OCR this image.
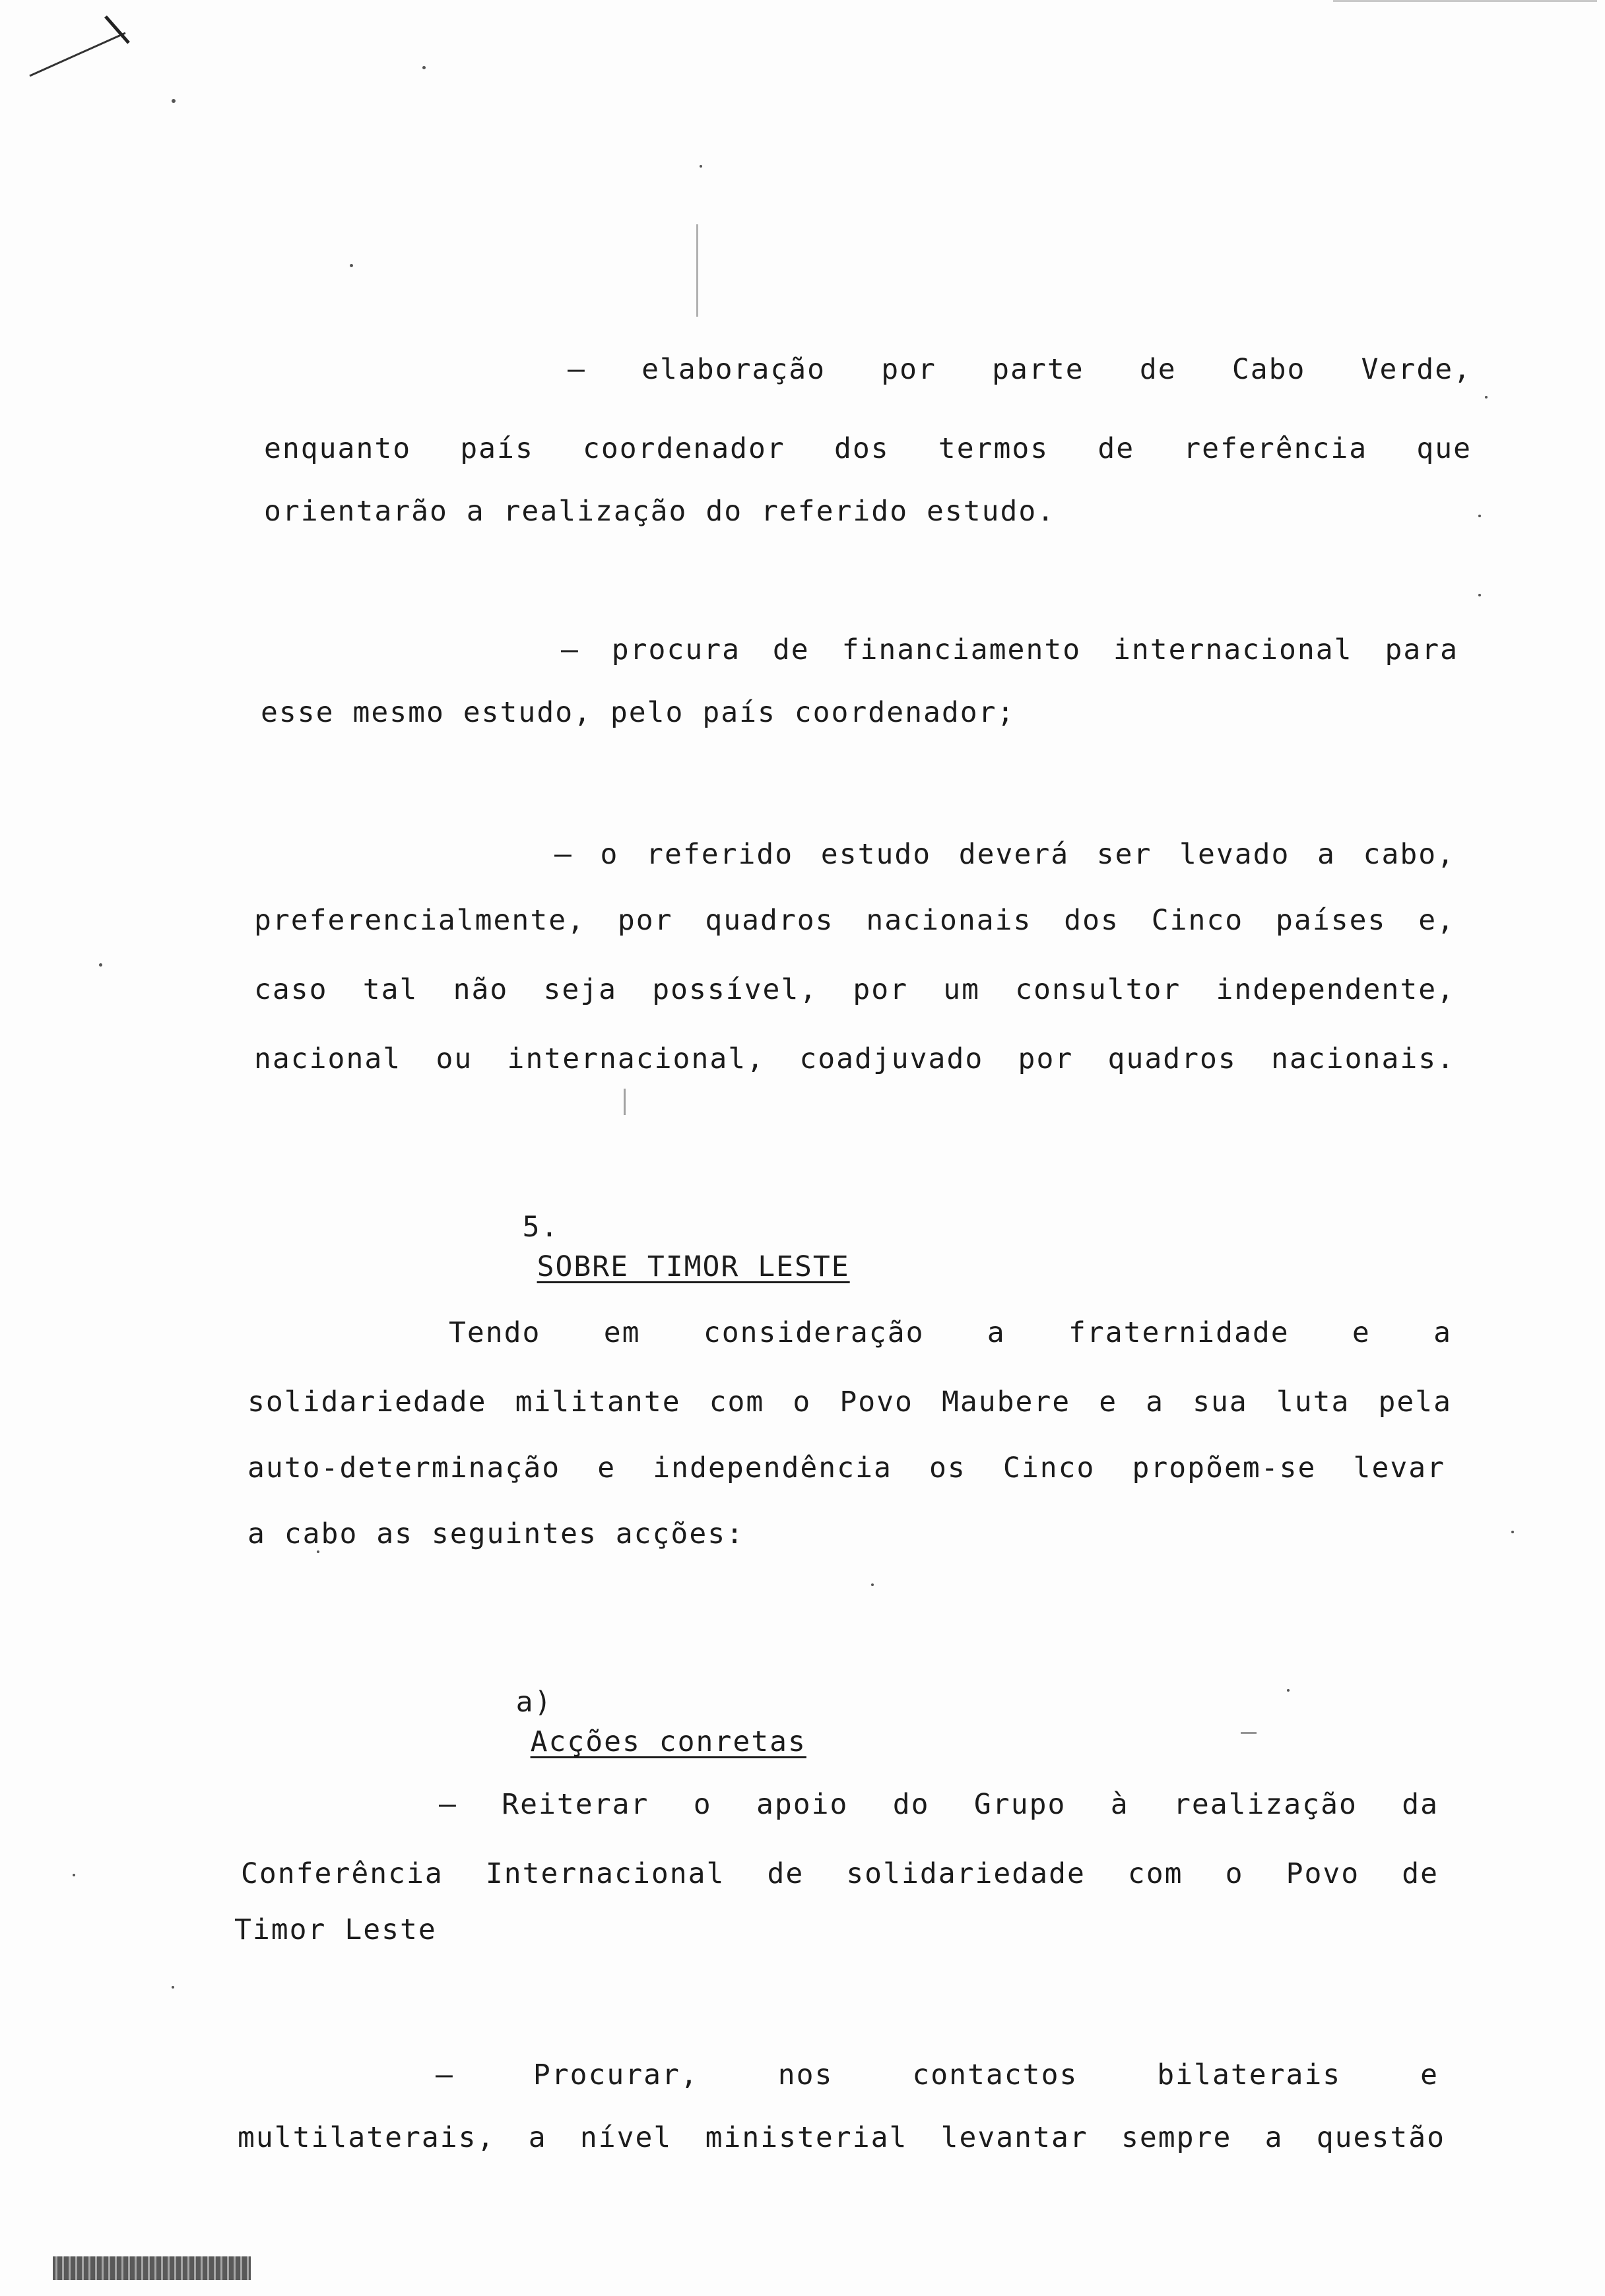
— elaboração por parte de Cabo Verde,
enquanto país coordenador dos termos de referência que
orientarão a realização do referido estudo.
— procura de financiamento internacional para
esse mesmo estudo, pelo país coordenador;
— o referido estudo deverá ser levado a cabo,
preferencialmente, por quadros nacionais dos Cinco países e,
caso tal não seja possível, por um consultor independente,
nacional ou internacional, coadjuvado por quadros nacionais.

5.
SOBRE TIMOR LESTE

Tendo em consideração a fraternidade e a
solidariedade militante com o Povo Maubere e a sua luta pela
auto-determinação e independência os Cinco propõem-se levar
a cabo as seguintes acções:

a)
Acções conretas

— Reiterar o apoio do Grupo à realização da
Conferência Internacional de solidariedade com o Povo de
Timor Leste
— Procurar, nos contactos bilaterais e
multilaterais, a nível ministerial levantar sempre a questão
